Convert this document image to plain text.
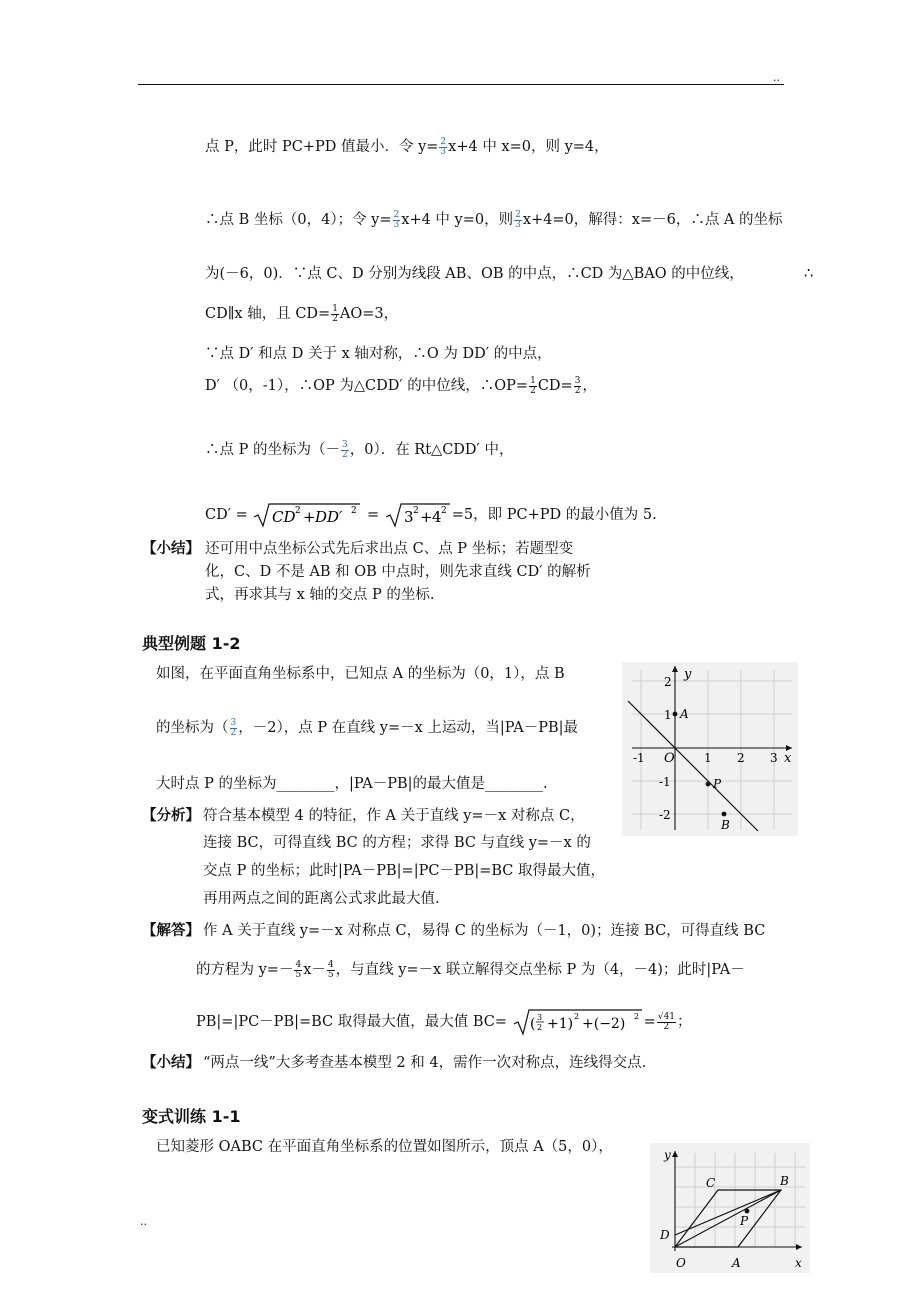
..
点 P，此时 PC+PD 值最小．令 $y= \frac{2}{3} x+4$ 中 x=0，则 y=4，
∴点 B 坐标（0，4）；令 $y= \frac{2}{3} x+4$ 中 y=0，则 $\frac{2}{3} x+4=0$，解得：x=－6，∴点 A 的坐标
为(－6，0)．∵点 C、D 分别为线段 AB、OB 的中点，∴CD 为△BAO 的中位线，	∴
CD∥x 轴，且 $CD= \frac{1}{2} AO=3$，
∵点 D′ 和点 D 关于 x 轴对称，∴O 为 DD′ 的中点，
D′ （0，-1），∴OP 为△CDD′ 的中位线，∴OP= $\frac{1}{2} CD= \frac{3}{2}$ ，
∴点 P 的坐标为（－ $\frac{3}{2}$ ，0）．在 Rt△CDD′ 中，
CD′ = CD 2 + DD′ 2 = 3 2 + 4 2 =5，即 PC+PD 的最小值为 5.
【小结】 还可用中点坐标公式先后求出点 C、点 P 坐标；若题型变
化，C、D 不是 AB 和 OB 中点时，则先求直线 CD′ 的解析
式，再求其与 x 轴的交点 P 的坐标.
典型例题 1-2
如图，在平面直角坐标系中，已知点 A 的坐标为（0，1），点 B
的坐标为（ $\frac{3}{2}$ ，－2），点 P 在直线 y=－x 上运动，当|PA－PB|最
大时点 P 的坐标为________，|PA－PB|的最大值是________.
y
x
O
-1	1 2 3
2
1
-1
-2
A
P
B
【分析】 符合基本模型 4 的特征，作 A 关于直线 y=－x 对称点 C，
连接 BC，可得直线 BC 的方程；求得 BC 与直线 y=－x 的
交点 P 的坐标；此时|PA－PB|=|PC－PB|=BC 取得最大值，
再用两点之间的距离公式求此最大值.
【解答】 作 A 关于直线 y=－x 对称点 C，易得 C 的坐标为（－1，0)；连接 BC，可得直线 BC
的方程为 $y=- \frac{4}{5} x- \frac{4}{5}$ ，与直线 y=－x 联立解得交点坐标 P 为（4，－4)；此时|PA－
PB|=|PC－PB|=BC 取得最大值，最大值 BC= ( 3
2 +1) 2 +(−2) $2 = \frac{√41}{2}$ ；
【小结】 “两点一线”大多考查基本模型 2 和 4，需作一次对称点，连线得交点.
变式训练 1-1
已知菱形 OABC 在平面直角坐标系的位置如图所示，顶点 A（5，0），	y
x
O
C	B
P
D
A
..
